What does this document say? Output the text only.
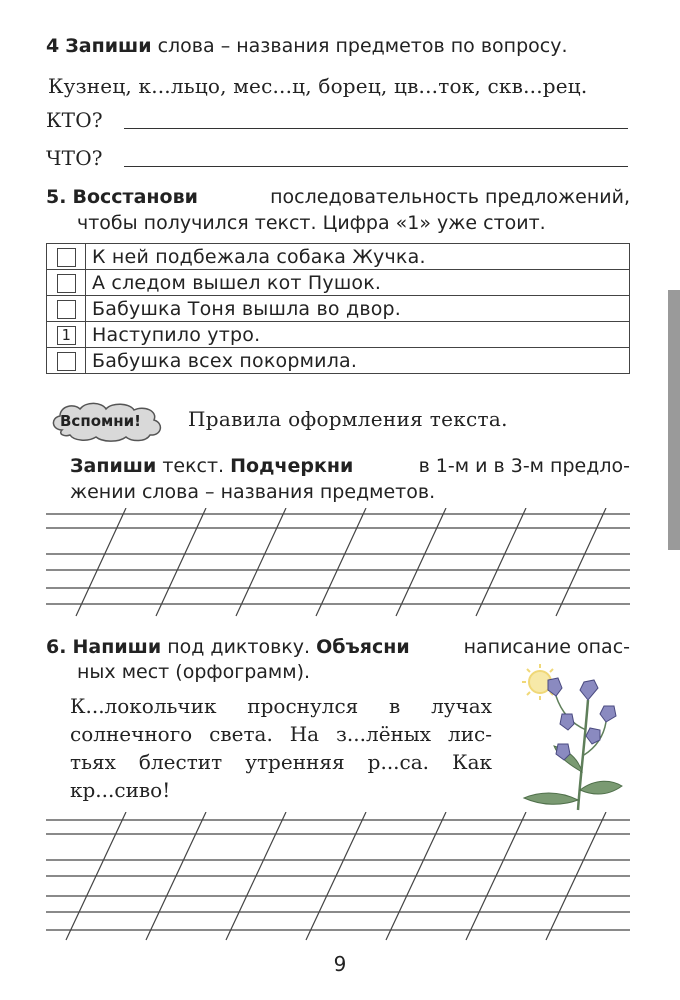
4 Запиши слова – названия предметов по вопросу.
Кузнец, к...льцо, мес...ц, борец, цв...ток, скв...рец.
КТО?
ЧТО?
5. Восстанови	последовательность предложений,
чтобы получился текст. Цифра «1» уже стоит.
	К ней подбежала собака Жучка.
	А следом вышел кот Пушок.
	Бабушка Тоня вышла во двор.
1	Наступило утро.
	Бабушка всех покормила.
Вспомни! Правила оформления текста.
Запиши текст. Подчеркни	в 1-м и в 3-м предло-
жении слова – названия предметов.
6. Напиши под диктовку. Объясни	написание опас-
ных мест (орфограмм).
К...локольчик проснулся в лучах
солнечного света. На з...лёных лис-
тьях блестит утренняя р...са. Как
кр...сиво!
9
